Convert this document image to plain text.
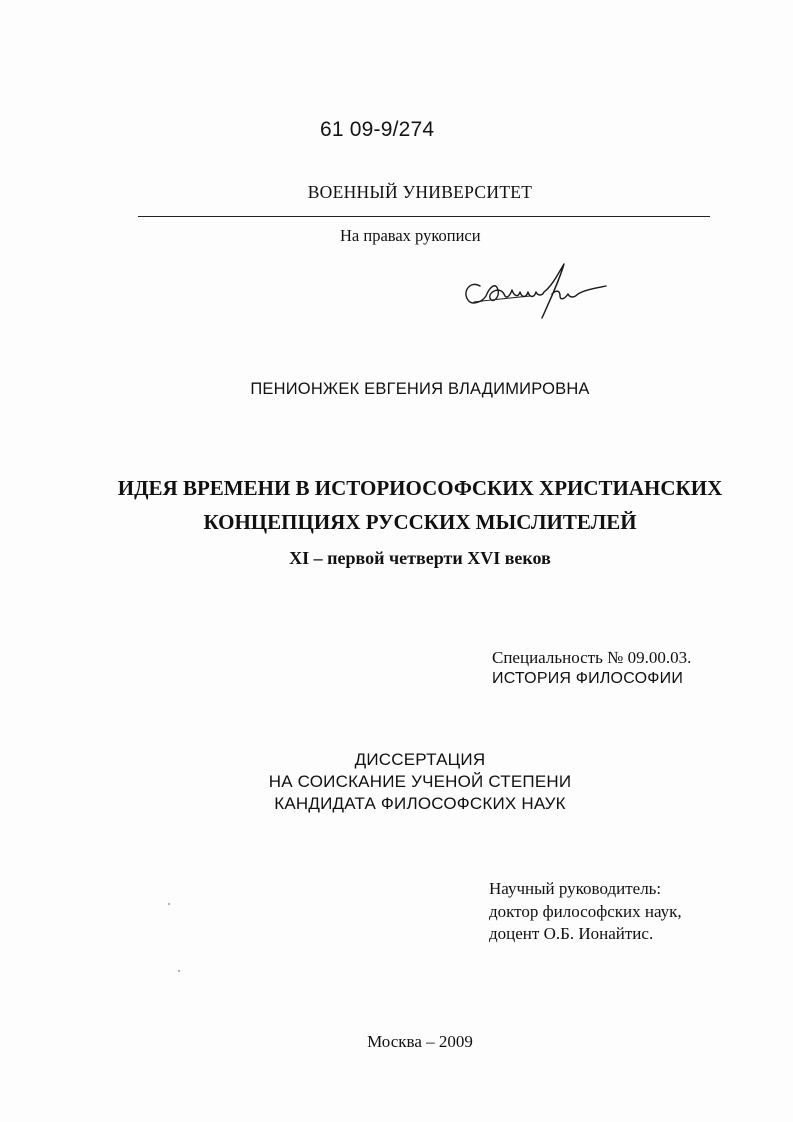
61 09-9/274
ВОЕННЫЙ УНИВЕРСИТЕТ
На правах рукописи
ПЕНИОНЖЕК ЕВГЕНИЯ ВЛАДИМИРОВНА
ИДЕЯ ВРЕМЕНИ В ИСТОРИОСОФСКИХ ХРИСТИАНСКИХ
КОНЦЕПЦИЯХ РУССКИХ МЫСЛИТЕЛЕЙ
XI – первой четверти XVI веков
Специальность № 09.00.03.
ИСТОРИЯ ФИЛОСОФИИ
ДИССЕРТАЦИЯ
НА СОИСКАНИЕ УЧЕНОЙ СТЕПЕНИ
КАНДИДАТА ФИЛОСОФСКИХ НАУК
Научный руководитель:
доктор философских наук,
доцент О.Б. Ионайтис.
Москва – 2009
